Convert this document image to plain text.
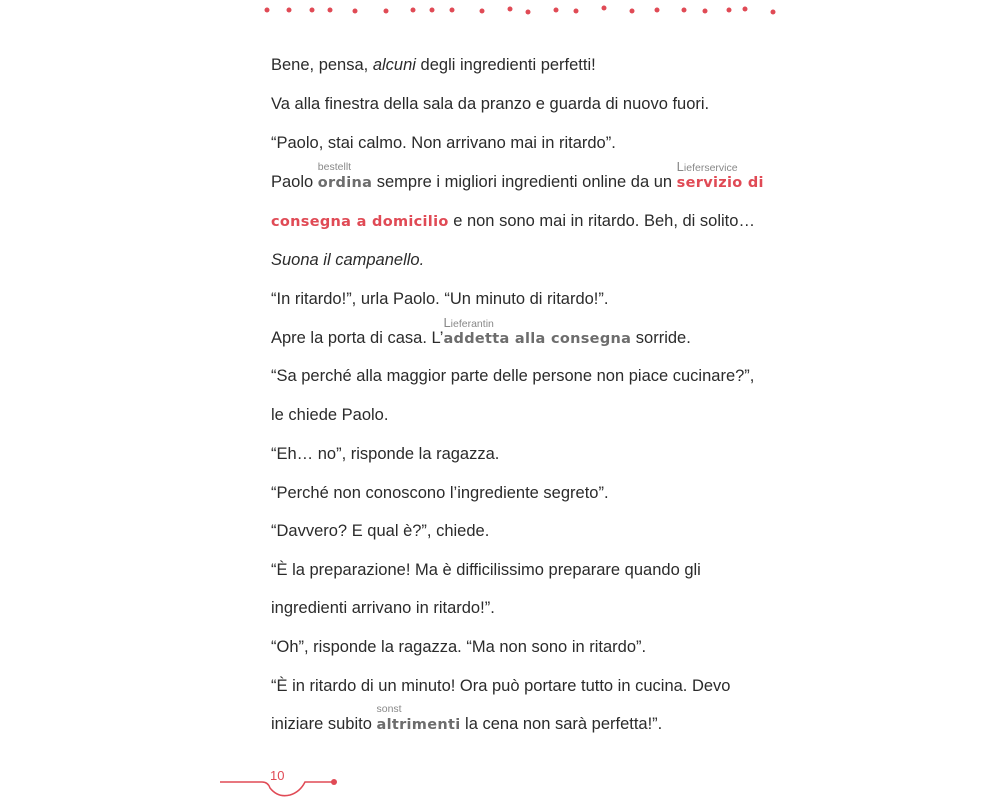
Bene, pensa, alcuni degli ingredienti perfetti!
Va alla finestra della sala da pranzo e guarda di nuovo fuori.
“Paolo, stai calmo. Non arrivano mai in ritardo”.
Paolo
bestellt
ordina sempre i migliori ingredienti online da un
Lieferservice
servizio di
consegna a domicilio e non sono mai in ritardo. Beh, di solito…
Suona il campanello.
“In ritardo!”, urla Paolo. “Un minuto di ritardo!”.
Apre la porta di casa. L’
Lieferantin
addetta alla consegna sorride.
“Sa perché alla maggior parte delle persone non piace cucinare?”,
le chiede Paolo.
“Eh… no”, risponde la ragazza.
“Perché non conoscono l’ingrediente segreto”.
“Davvero? E qual è?”, chiede.
“È la preparazione! Ma è difficilissimo preparare quando gli
ingredienti arrivano in ritardo!”.
“Oh”, risponde la ragazza. “Ma non sono in ritardo”.
“È in ritardo di un minuto! Ora può portare tutto in cucina. Devo
iniziare subito
sonst
altrimenti la cena non sarà perfetta!”.
10
